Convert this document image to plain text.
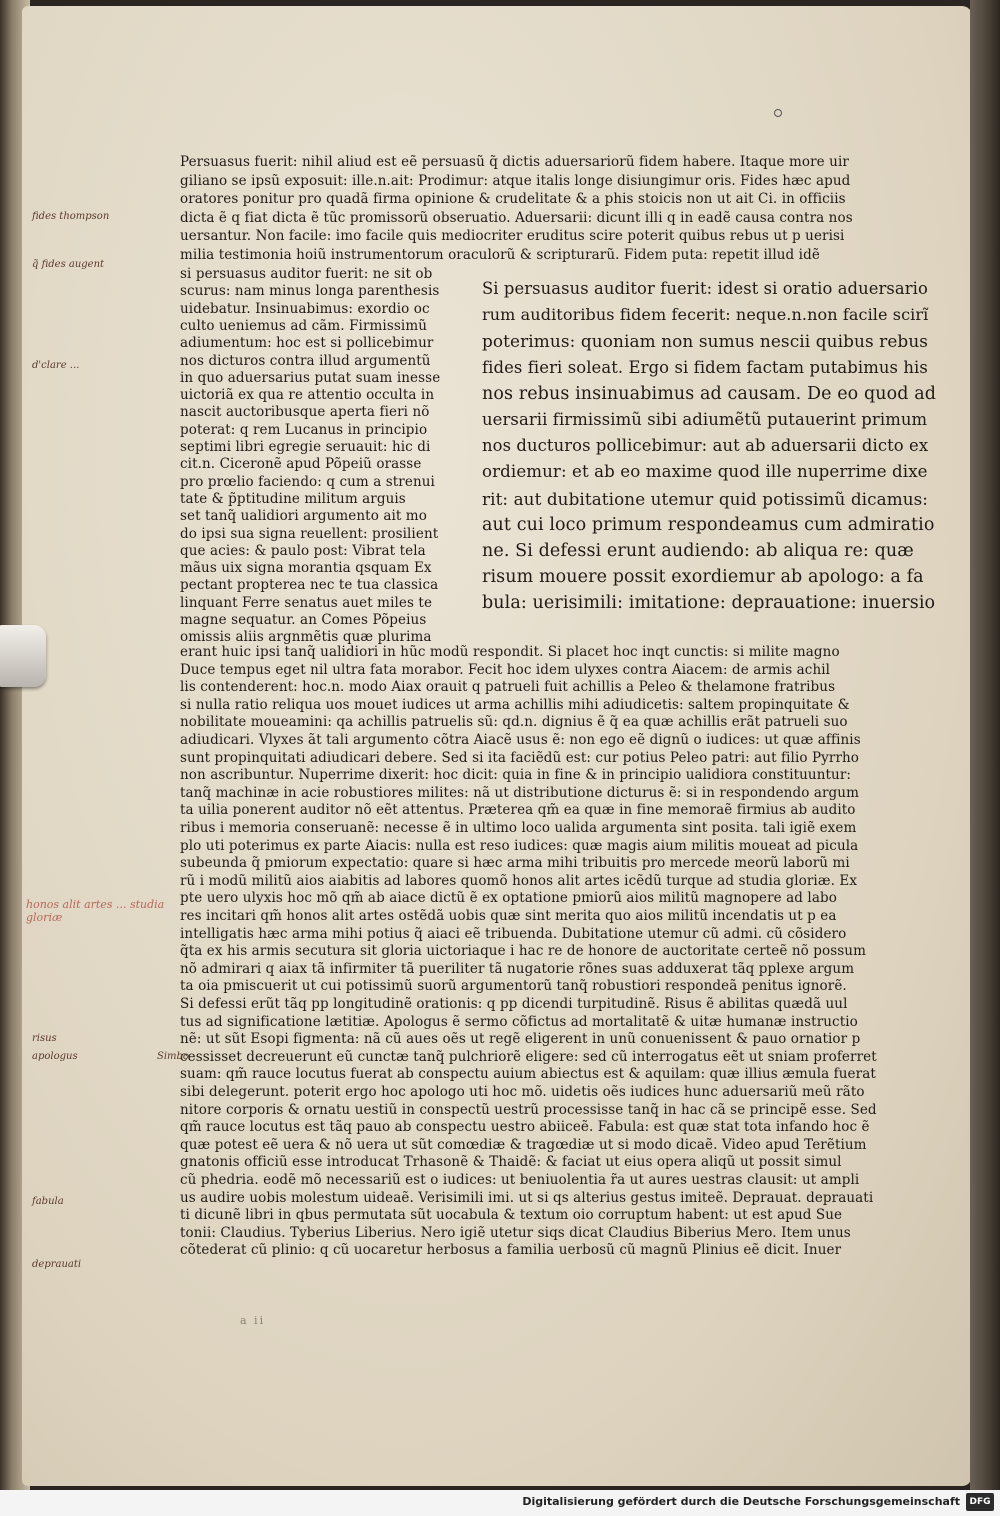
Persuasus fuerit: nihil aliud est eẽ persuasũ q̃ dictis aduersariorũ fidem habere. Itaque more uir

giliano se ipsũ exposuit: ille.n.ait: Prodimur: atque italis longe disiungimur oris. Fides hæc apud

oratores ponitur pro quadã firma opinione & crudelitate & a phis stoicis non ut ait Ci. in officiis

dicta ẽ q fiat dicta ẽ tũc promissorũ obseruatio. Aduersarii: dicunt illi q in eadẽ causa contra nos

uersantur. Non facile: imo facile quis mediocriter eruditus scire poterit quibus rebus ut p uerisi

milia testimonia hoiũ instrumentorum oraculorũ & scripturarũ. Fidem puta: repetit illud idẽ

si persuasus auditor fuerit: ne sit ob

scurus: nam minus longa parenthesis

uidebatur. Insinuabimus: exordio oc

culto ueniemus ad cãm. Firmissimũ

adiumentum: hoc est si pollicebimur

nos dicturos contra illud argumentũ

in quo aduersarius putat suam inesse

uictoriã ex qua re attentio occulta in

nascit auctoribusque aperta fieri nõ

poterat: q rem Lucanus in principio

septimi libri egregie seruauit: hic di

cit.n. Ciceronẽ apud Põpeiũ orasse

pro prœlio faciendo: q cum a strenui

tate & p̃ptitudine militum arguis

set tanq̃ ualidiori argumento ait mo

do ipsi sua signa reuellent: prosilient

que acies: & paulo post: Vibrat tela

mãus uix signa morantia qsquam Ex

pectant propterea nec te tua classica

linquant Ferre senatus auet miles te

magne sequatur. an Comes Põpeius

omissis aliis argnmẽtis quæ plurima

Si persuasus auditor fuerit: idest si oratio aduersario

rum auditoribus fidem fecerit: neque.n.non facile scirĩ

poterimus: quoniam non sumus nescii quibus rebus

fides fieri soleat. Ergo si fidem factam putabimus his

nos rebus insinuabimus ad causam. De eo quod ad

uersarii firmissimũ sibi adiumẽtũ putauerint primum

nos ducturos pollicebimur: aut ab aduersarii dicto ex

ordiemur: et ab eo maxime quod ille nuperrime dixe

rit: aut dubitatione utemur quid potissimũ dicamus:

aut cui loco primum respondeamus cum admiratio

ne. Si defessi erunt audiendo: ab aliqua re: quæ

risum mouere possit exordiemur ab apologo: a fa

bula: uerisimili: imitatione: deprauatione: inuersio

erant huic ipsi tanq̃ ualidiori in hũc modũ respondit. Si placet hoc inqt cunctis: si milite magno

Duce tempus eget nil ultra fata morabor. Fecit hoc idem ulyxes contra Aiacem: de armis achil

lis contenderent: hoc.n. modo Aiax orauit q patrueli fuit achillis a Peleo & thelamone fratribus

si nulla ratio reliqua uos mouet iudices ut arma achillis mihi adiudicetis: saltem propinquitate &

nobilitate moueamini: qa achillis patruelis sũ: qd.n. dignius ẽ q̃ ea quæ achillis erãt patrueli suo

adiudicari. Vlyxes ãt tali argumento cõtra Aiacẽ usus ẽ: non ego eẽ dignũ o iudices: ut quæ affinis

sunt propinquitati adiudicari debere. Sed si ita faciẽdũ est: cur potius Peleo patri: aut filio Pyrrho

non ascribuntur. Nuperrime dixerit: hoc dicit: quia in fine & in principio ualidiora constituuntur:

tanq̃ machinæ in acie robustiores milites: nã ut distributione dicturus ẽ: si in respondendo argum

ta uilia ponerent auditor nõ eẽt attentus. Præterea qm̃ ea quæ in fine memoraẽ firmius ab audito

ribus i memoria conseruanẽ: necesse ẽ in ultimo loco ualida argumenta sint posita. tali igiẽ exem

plo uti poterimus ex parte Aiacis: nulla est reso iudices: quæ magis aium militis moueat ad picula

subeunda q̃ pmiorum expectatio: quare si hæc arma mihi tribuitis pro mercede meorũ laborũ mi

rũ i modũ militũ aios aiabitis ad labores quomõ honos alit artes icẽdũ turque ad studia gloriæ. Ex

pte uero ulyxis hoc mõ qm̃ ab aiace dictũ ẽ ex optatione pmiorũ aios militũ magnopere ad labo

res incitari qm̃ honos alit artes ostẽdã uobis quæ sint merita quo aios militũ incendatis ut p ea

intelligatis hæc arma mihi potius q̃ aiaci eẽ tribuenda. Dubitatione utemur cũ admi. cũ cõsidero

q̃ta ex his armis secutura sit gloria uictoriaque i hac re de honore de auctoritate certeẽ nõ possum

nõ admirari q aiax tã infirmiter tã pueriliter tã nugatorie rõnes suas adduxerat tãq pplexe argum

ta oia pmiscuerit ut cui potissimũ suorũ argumentorũ tanq̃ robustiori respondeã penitus ignorẽ.

Si defessi erũt tãq pp longitudinẽ orationis: q pp dicendi turpitudinẽ. Risus ẽ abilitas quædã uul

tus ad significatione lætitiæ. Apologus ẽ sermo cõfictus ad mortalitatẽ & uitæ humanæ instructio

nẽ: ut sũt Esopi figmenta: nã cũ aues oẽs ut regẽ eligerent in unũ conuenissent & pauo ornatior p

cessisset decreuerunt eũ cunctæ tanq̃ pulchriorẽ eligere: sed cũ interrogatus eẽt ut sniam proferret

suam: qm̃ rauce locutus fuerat ab conspectu auium abiectus est & aquilam: quæ illius æmula fuerat

sibi delegerunt. poterit ergo hoc apologo uti hoc mõ. uidetis oẽs iudices hunc aduersariũ meũ rãto

nitore corporis & ornatu uestiũ in conspectũ uestrũ processisse tanq̃ in hac cã se principẽ esse. Sed

qm̃ rauce locutus est tãq pauo ab conspectu uestro abiiceẽ. Fabula: est quæ stat tota infando hoc ẽ

quæ potest eẽ uera & nõ uera ut sũt comœdiæ & tragœdiæ ut si modo dicaẽ. Video apud Terẽtium

gnatonis officiũ esse introducat Trhasonẽ & Thaidẽ: & faciat ut eius opera aliqũ ut possit simul

cũ phedria. eodẽ mõ necessariũ est o iudices: ut beniuolentia r̃a ut aures uestras clausit: ut ampli

us audire uobis molestum uideaẽ. Verisimili imi. ut si qs alterius gestus imiteẽ. Deprauat. deprauati

ti dicunẽ libri in qbus permutata sũt uocabula & textum oio corruptum habent: ut est apud Sue

tonii: Claudius. Tyberius Liberius. Nero igiẽ utetur siqs dicat Claudius Biberius Mero. Item unus

cõtederat cũ plinio: q cũ uocaretur herbosus a familia uerbosũ cũ magnũ Plinius eẽ dicit. Inuer

fides thompson

q̃ fides augent

d'clare ...

honos alit artes ... studia gloriæ

risus

apologus

fabula

deprauati

Simbo

a ii
Digitalisierung gefördert durch die Deutsche Forschungsgemeinschaft	DFG
